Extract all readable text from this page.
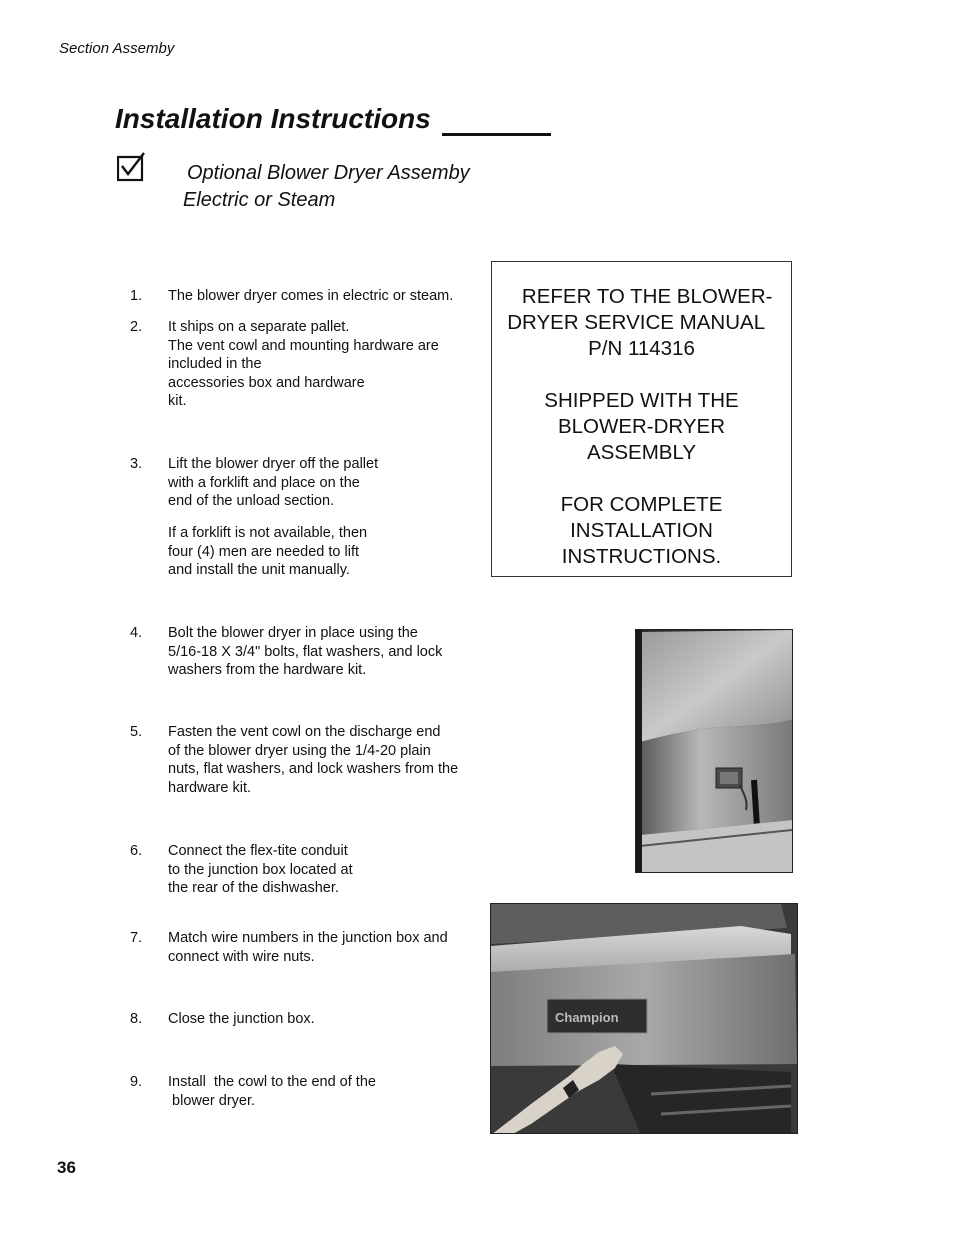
Section Assemby
Installation Instructions
Optional Blower Dryer Assemby
Electric or Steam
1.	The blower dryer comes in electric or steam.
2.	It ships on a separate pallet.
The vent cowl and mounting hardware are
included in the
accessories box and hardware
kit.
3.	Lift the blower dryer off the pallet
with a forklift and place on the
end of the unload section.
If a forklift is not available, then
four (4) men are needed to lift
and install the unit manually.
4.	Bolt the blower dryer in place using the
5/16-18 X 3/4" bolts, flat washers, and lock
washers from the hardware kit.
5.	Fasten the vent cowl on the discharge end
of the blower dryer using the 1/4-20 plain
nuts, flat washers, and lock washers from the
hardware kit.
6.	Connect the flex-tite conduit
to the junction box located at
the rear of the dishwasher.
7.	Match wire numbers in the junction box and
connect with wire nuts.
8.	Close the junction box.
9.	Install  the cowl to the end of the
blower dryer.
REFER TO THE BLOWER-
DRYER SERVICE MANUAL
P/N 114316

SHIPPED WITH THE
BLOWER-DRYER
ASSEMBLY

FOR COMPLETE
INSTALLATION
INSTRUCTIONS.
Champion
36
